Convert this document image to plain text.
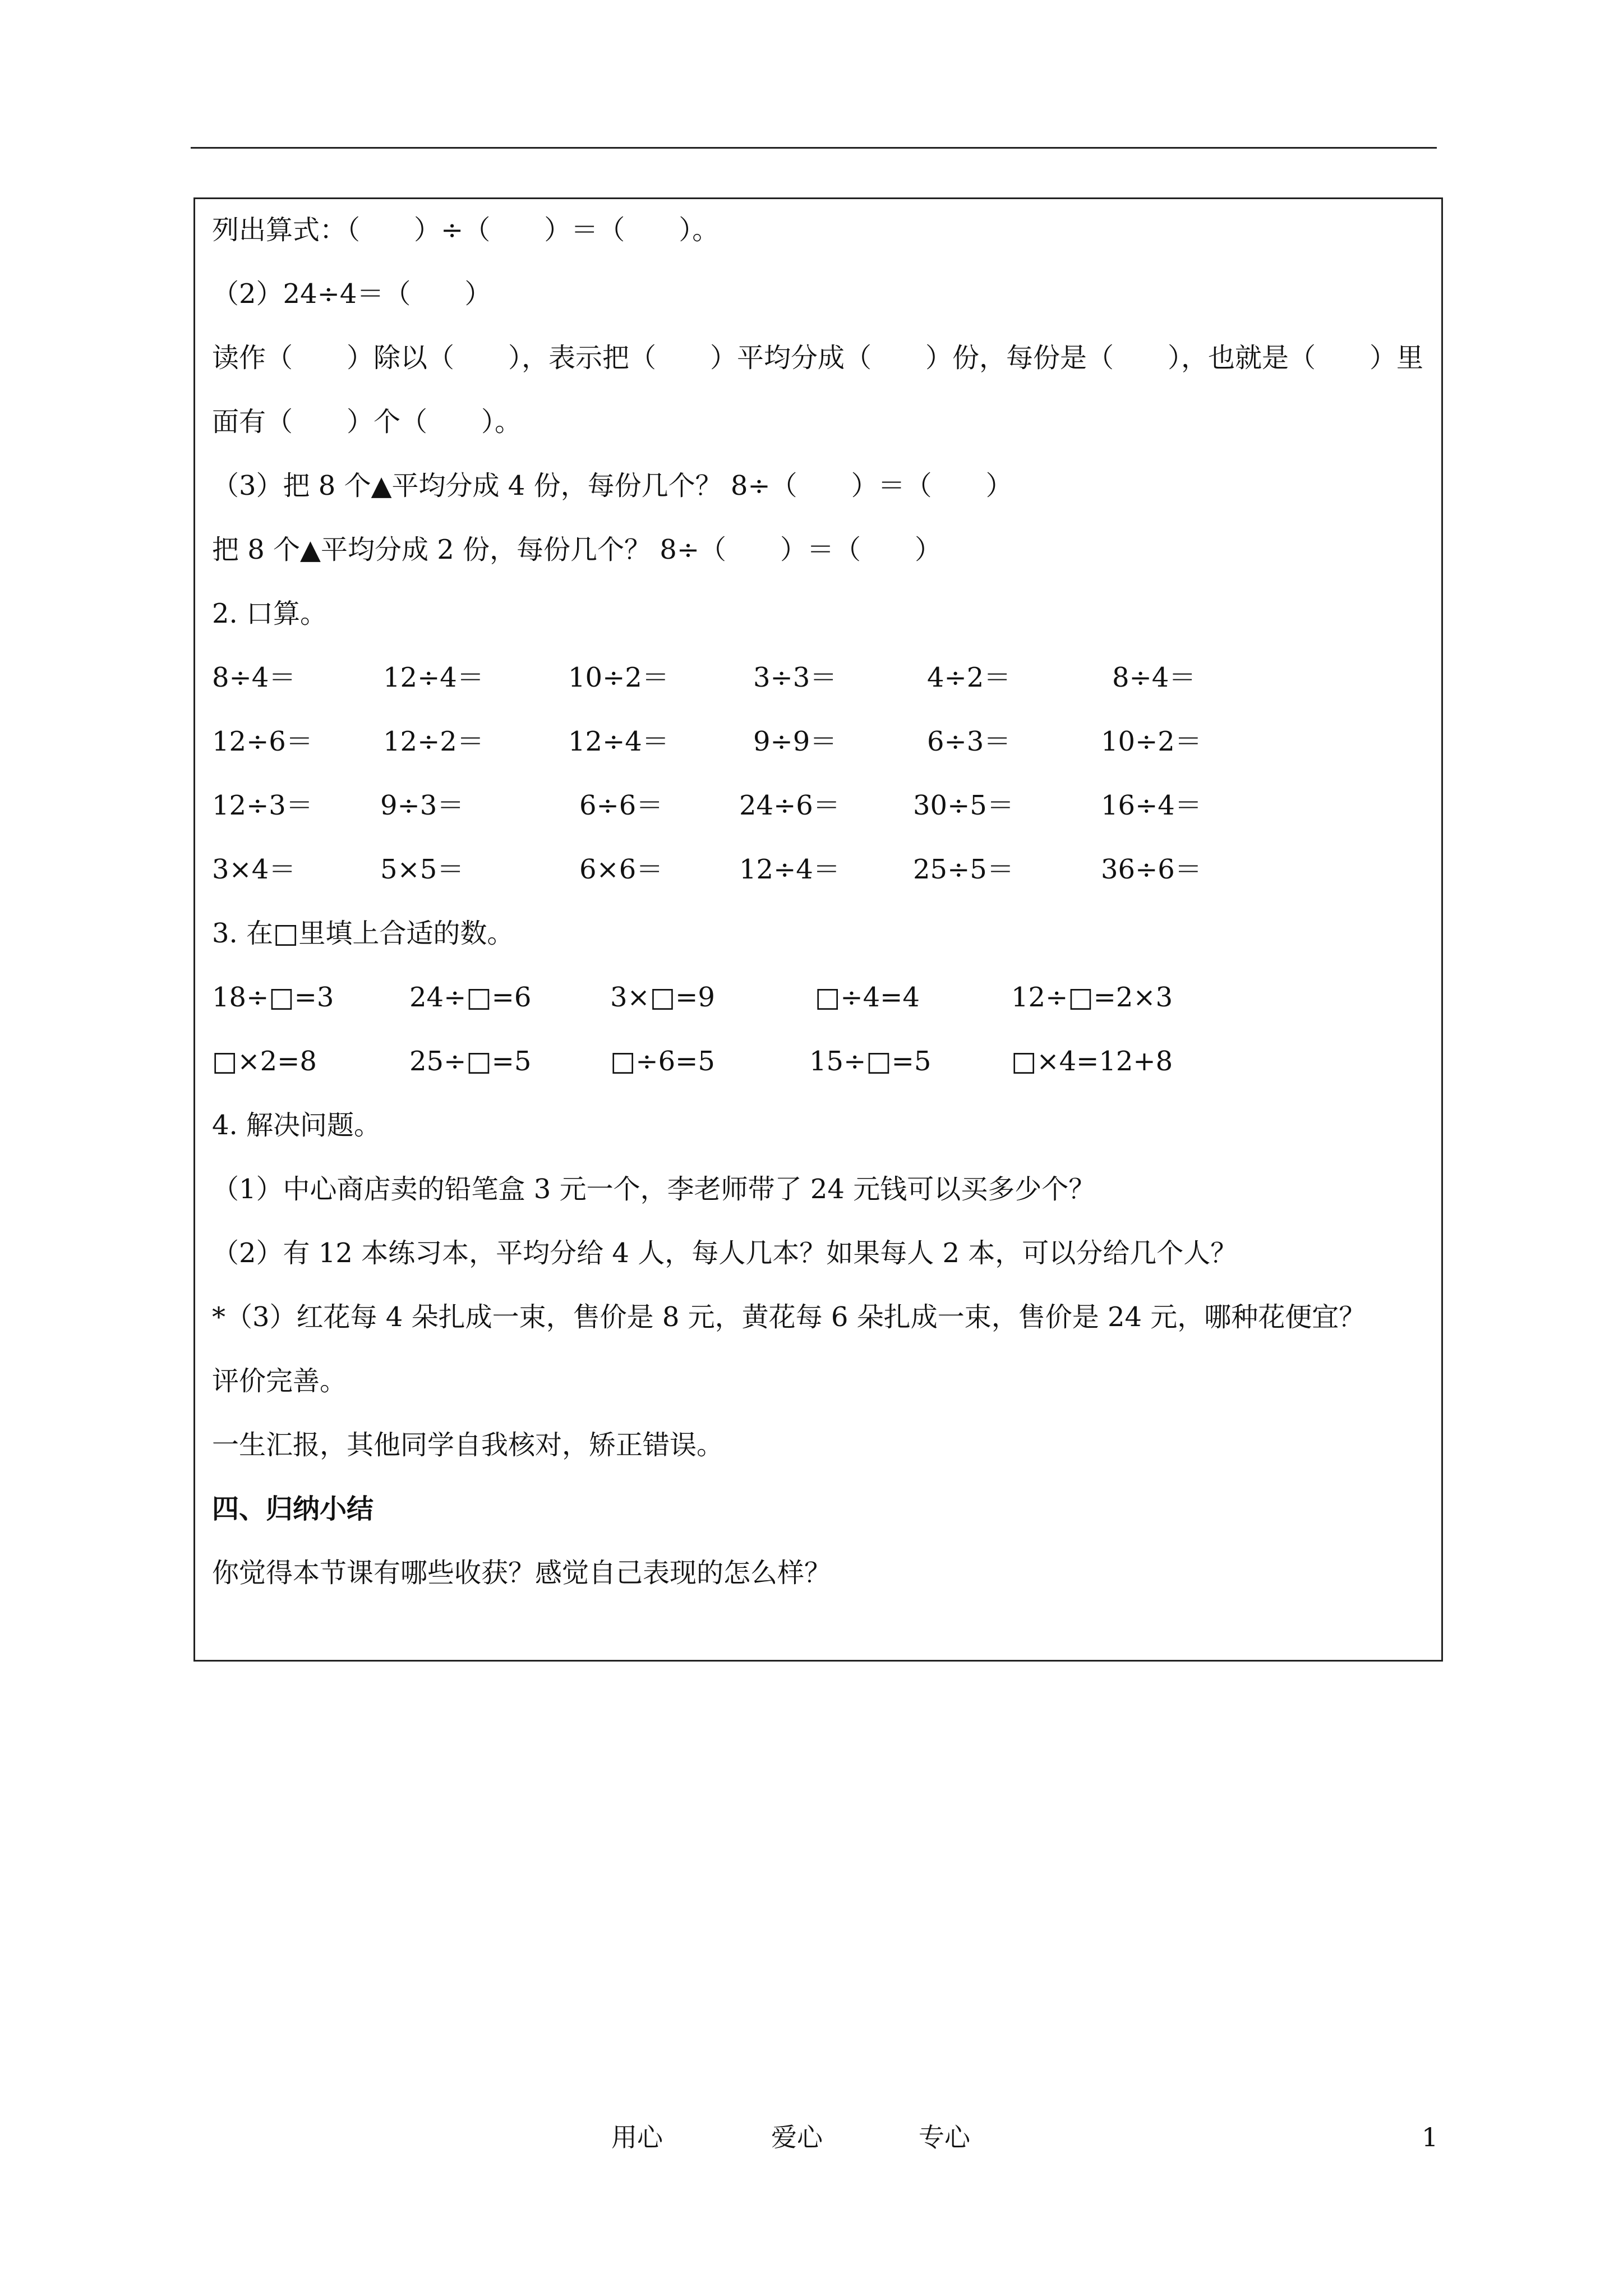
列出算式：（　　）÷（　　）＝（　　）。
（2）24÷4＝（　　）
读作（　　）除以（　　），表示把（　　）平均分成（　　）份，每份是（　　），也就是（　　）里
面有（　　）个（　　）。
（3）把 8 个▲平均分成 4 份，每份几个？ 8÷（　　）＝（　　）
把 8 个▲平均分成 2 份，每份几个？ 8÷（　　）＝（　　）
2. 口算。
8÷4＝	12÷4＝	10÷2＝	3÷3＝	4÷2＝	8÷4＝
12÷6＝	12÷2＝	12÷4＝	9÷9＝	6÷3＝	10÷2＝
12÷3＝	9÷3＝	6÷6＝	24÷6＝	30÷5＝	16÷4＝
3×4＝	5×5＝	6×6＝	12÷4＝	25÷5＝	36÷6＝
3. 在□里填上合适的数。
18÷□=3	24÷□=6	3×□=9	□÷4=4	12÷□=2×3
□×2=8	25÷□=5	□÷6=5	15÷□=5	□×4=12+8
4. 解决问题。
（1）中心商店卖的铅笔盒 3 元一个，李老师带了 24 元钱可以买多少个？
（2）有 12 本练习本，平均分给 4 人，每人几本？如果每人 2 本，可以分给几个人？
*（3）红花每 4 朵扎成一束，售价是 8 元，黄花每 6 朵扎成一束，售价是 24 元，哪种花便宜？
评价完善。
一生汇报，其他同学自我核对，矫正错误。
四、归纳小结
你觉得本节课有哪些收获？感觉自己表现的怎么样？
用心	爱心	专心	1
